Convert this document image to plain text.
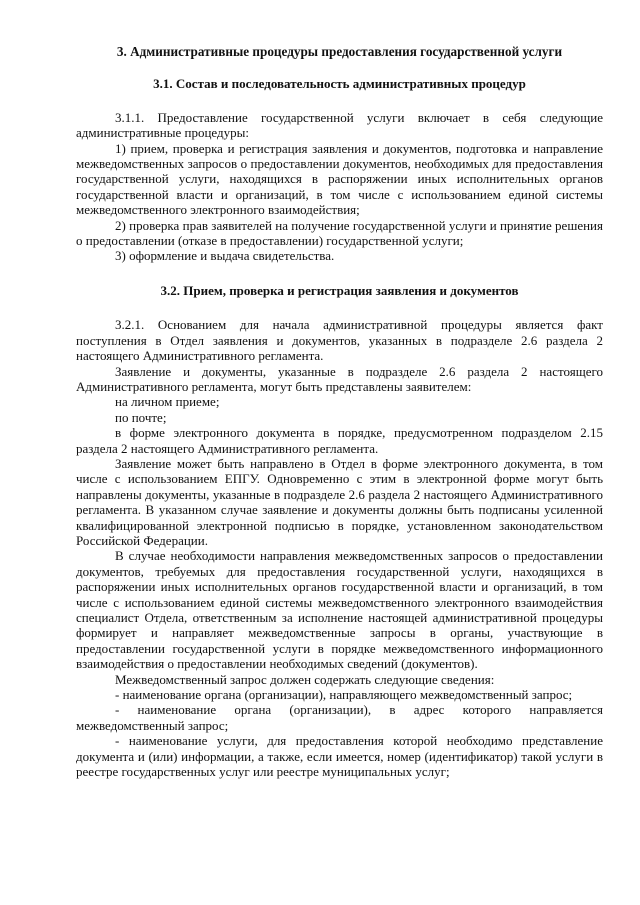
3. Административные процедуры предоставления государственной услуги

3.1. Состав и последовательность административных процедур

3.1.1. Предоставление государственной услуги включает в себя следующие административные процедуры:

1) прием, проверка и регистрация заявления и документов, подготовка и направление межведомственных запросов о предоставлении документов, необходимых для предоставления государственной услуги, находящихся в распоряжении иных исполнительных органов государственной власти и организаций, в том числе с использованием единой системы межведомственного электронного взаимодействия;

2) проверка прав заявителей на получение государственной услуги и принятие решения о предоставлении (отказе в предоставлении) государственной услуги;

3) оформление и выдача свидетельства.

3.2. Прием, проверка и регистрация заявления и документов

3.2.1. Основанием для начала административной процедуры является факт поступления в Отдел заявления и документов, указанных в подразделе 2.6 раздела 2 настоящего Административного регламента.

Заявление и документы, указанные в подразделе 2.6 раздела 2 настоящего Административного регламента, могут быть представлены заявителем:

на личном приеме;

по почте;

в форме электронного документа в порядке, предусмотренном подразделом 2.15 раздела 2 настоящего Административного регламента.

Заявление может быть направлено в Отдел в форме электронного документа, в том числе с использованием ЕПГУ. Одновременно с этим в электронной форме могут быть направлены документы, указанные в подразделе 2.6 раздела 2 настоящего Административного регламента. В указанном случае заявление и документы должны быть подписаны усиленной квалифицированной электронной подписью в порядке, установленном законодательством Российской Федерации.

В случае необходимости направления межведомственных запросов о предоставлении документов, требуемых для предоставления государственной услуги, находящихся в распоряжении иных исполнительных органов государственной власти и организаций, в том числе с использованием единой системы межведомственного электронного взаимодействия специалист Отдела, ответственным за исполнение настоящей административной процедуры формирует и направляет межведомственные запросы в органы, участвующие в предоставлении государственной услуги в порядке межведомственного информационного взаимодействия о предоставлении необходимых сведений (документов).

Межведомственный запрос должен содержать следующие сведения:

- наименование органа (организации), направляющего межведомственный запрос;

- наименование органа (организации), в адрес которого направляется межведомственный запрос;

- наименование услуги, для предоставления которой необходимо представление документа и (или) информации, а также, если имеется, номер (идентификатор) такой услуги в реестре государственных услуг или реестре муниципальных услуг;
